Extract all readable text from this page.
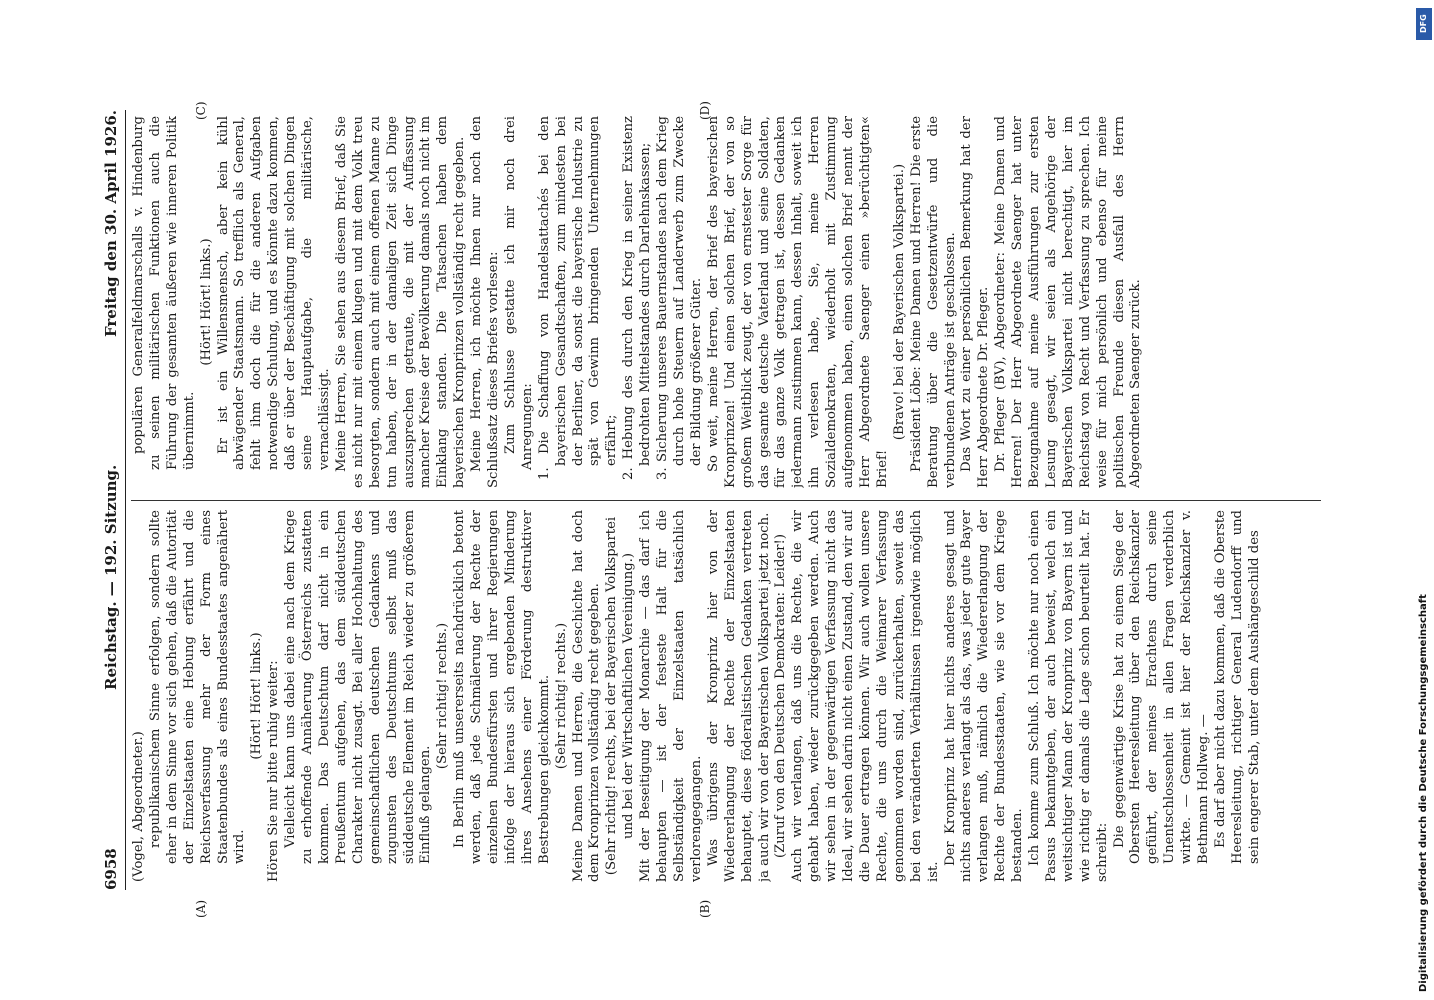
6958
Reichstag. — 192. Sitzung.
Freitag den 30. April 1926.
(A)	(B)
(C)	(D)

(Vogel, Abgeordneter.) republikanischem Sinne erfolgen, sondern sollte eher in dem Sinne vor sich gehen, daß die Autorität der Einzelstaaten eine Hebung erfährt und die Reichsverfassung mehr der Form eines Staatenbundes als eines Bundesstaates angenähert wird.

(Hört! Hört! links.) Hören Sie nur bitte ruhig weiter: Vielleicht kann uns dabei eine nach dem Kriege zu erhoffende Annäherung Österreichs zustatten kommen. Das Deutschtum darf nicht in ein Preußentum aufgehen, das dem süddeutschen Charakter nicht zusagt. Bei aller Hochhaltung des gemeinschaftlichen deutschen Gedankens und zugunsten des Deutschtums selbst muß das süddeutsche Element im Reich wieder zu größerem Einfluß gelangen.

(Sehr richtig! rechts.) In Berlin muß unsererseits nachdrücklich betont werden, daß jede Schmälerung der Rechte der einzelnen Bundesfürsten und ihrer Regierungen infolge der hieraus sich ergebenden Minderung ihres Ansehens einer Förderung destruktiver Bestrebungen gleichkommt. (Sehr richtig! rechts.) Meine Damen und Herren, die Geschichte hat doch dem Kronprinzen vollständig recht gegeben. (Sehr richtig! rechts, bei der Bayerischen Volkspartei und bei der Wirtschaftlichen Vereinigung.) Mit der Beseitigung der Monarchie — das darf ich behaupten — ist der festeste Halt für die Selbständigkeit der Einzelstaaten tatsächlich verlorengegangen. Was übrigens der Kronprinz hier von der Wiedererlangung der Rechte der Einzelstaaten behauptet, diese föderalistischen Gedanken vertreten ja auch wir von der Bayerischen Volkspartei jetzt noch. (Zuruf von den Deutschen Demokraten: Leider!) Auch wir verlangen, daß uns die Rechte, die wir gehabt haben, wieder zurückgegeben werden. Auch wir sehen in der gegenwärtigen Verfassung nicht das Ideal, wir sehen darin nicht einen Zustand, den wir auf die Dauer ertragen können. Wir auch wollen unsere Rechte, die uns durch die Weimarer Verfassung genommen worden sind, zurückerhalten, soweit das bei den veränderten Verhältnissen irgendwie möglich ist.

Der Kronprinz hat hier nichts anderes gesagt und nichts anderes verlangt als das, was jeder gute Bayer verlangen muß, nämlich die Wiedererlangung der Rechte der Bundesstaaten, wie sie vor dem Kriege bestanden. Ich komme zum Schluß. Ich möchte nur noch einen Passus bekanntgeben, der auch beweist, welch ein weitsichtiger Mann der Kronprinz von Bayern ist und wie richtig er damals die Lage schon beurteilt hat. Er schreibt:

Die gegenwärtige Krise hat zu einem Siege der Obersten Heeresleitung über den Reichskanzler geführt, der meines Erachtens durch seine Unentschlossenheit in allen Fragen verderblich wirkte. — Gemeint ist hier der Reichskanzler v. Bethmann Hollweg. — Es darf aber nicht dazu kommen, daß die Oberste Heeresleitung, richtiger General Ludendorff und sein engerer Stab, unter dem Aushängeschild des

populären Generalfeldmarschalls v. Hindenburg zu seinen militärischen Funktionen auch die Führung der gesamten äußeren wie inneren Politik übernimmt.

(Hört! Hört! links.) Er ist ein Willensmensch, aber kein kühl abwägender Staatsmann. So trefflich als General, fehlt ihm doch die für die anderen Aufgaben notwendige Schulung, und es könnte dazu kommen, daß er über der Beschäftigung mit solchen Dingen seine Hauptaufgabe, die militärische, vernachlässigt. Meine Herren, Sie sehen aus diesem Brief, daß Sie es nicht nur mit einem klugen und mit dem Volk treu besorgten, sondern auch mit einem offenen Manne zu tun haben, der in der damaligen Zeit sich Dinge auszusprechen getraute, die mit der Auffassung mancher Kreise der Bevölkerung damals noch nicht im Einklang standen. Die Tatsachen haben dem bayerischen Kronprinzen vollständig recht gegeben. Meine Herren, ich möchte Ihnen nur noch den Schlußsatz dieses Briefes vorlesen: Zum Schlusse gestatte ich mir noch drei Anregungen: 1. Die Schaffung von Handelsattachés bei den bayerischen Gesandtschaften, zum mindesten bei der Berliner, da sonst die bayerische Industrie zu spät von Gewinn bringenden Unternehmungen erfährt; 2. Hebung des durch den Krieg in seiner Existenz bedrohten Mittelstandes durch Darlehnskassen; 3. Sicherung unseres Bauernstandes nach dem Krieg durch hohe Steuern auf Landerwerb zum Zwecke der Bildung größerer Güter. So weit, meine Herren, der Brief des bayerischen Kronprinzen! Und einen solchen Brief, der von so großem Weitblick zeugt, der von ernstester Sorge für das gesamte deutsche Vaterland und seine Soldaten, für das ganze Volk getragen ist, dessen Gedanken jedermann zustimmen kann, dessen Inhalt, soweit ich ihn verlesen habe, Sie, meine Herren Sozialdemokraten, wiederholt mit Zustimmung aufgenommen haben, einen solchen Brief nennt der Herr Abgeordnete Saenger einen »berüchtigten« Brief!

(Bravo! bei der Bayerischen Volkspartei.) Präsident Löbe: Meine Damen und Herren! Die erste Beratung über die Gesetzentwürfe und die verbundenen Anträge ist geschlossen. Das Wort zu einer persönlichen Bemerkung hat der Herr Abgeordnete Dr. Pfleger. Dr. Pfleger (BV), Abgeordneter: Meine Damen und Herren! Der Herr Abgeordnete Saenger hat unter Bezugnahme auf meine Ausführungen zur ersten Lesung gesagt, wir seien als Angehörige der Bayerischen Volkspartei nicht berechtigt, hier im Reichstag von Recht und Verfassung zu sprechen. Ich weise für mich persönlich und ebenso für meine politischen Freunde diesen Ausfall des Herrn Abgeordneten Saenger zurück.

Digitalisierung gefördert durch die Deutsche Forschungsgemeinschaft
DFG
